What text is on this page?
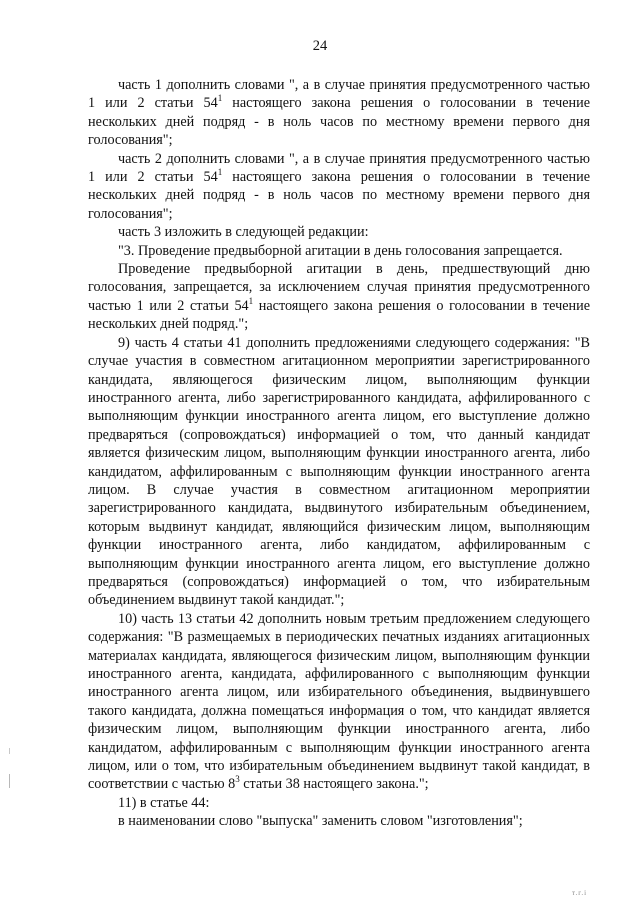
24

часть 1 дополнить словами ", а в случае принятия предусмотренного частью 1 или 2 статьи $54^1$ настоящего закона решения о голосовании в течение нескольких дней подряд - в ноль часов по местному времени первого дня голосования";

часть 2 дополнить словами ", а в случае принятия предусмотренного частью 1 или 2 статьи $54^1$ настоящего закона решения о голосовании в течение нескольких дней подряд - в ноль часов по местному времени первого дня голосования";

часть 3 изложить в следующей редакции:

"3. Проведение предвыборной агитации в день голосования запрещается.

Проведение предвыборной агитации в день, предшествующий дню голосования, запрещается, за исключением случая принятия предусмотренного частью 1 или 2 статьи $54^1$ настоящего закона решения о голосовании в течение нескольких дней подряд.";

9) часть 4 статьи 41 дополнить предложениями следующего содержания: "В случае участия в совместном агитационном мероприятии зарегистрированного кандидата, являющегося физическим лицом, выполняющим функции иностранного агента, либо зарегистрированного кандидата, аффилированного с выполняющим функции иностранного агента лицом, его выступление должно предваряться (сопровождаться) информацией о том, что данный кандидат является физическим лицом, выполняющим функции иностранного агента, либо кандидатом, аффилированным с выполняющим функции иностранного агента лицом. В случае участия в совместном агитационном мероприятии зарегистрированного кандидата, выдвинутого избирательным объединением, которым выдвинут кандидат, являющийся физическим лицом, выполняющим функции иностранного агента, либо кандидатом, аффилированным с выполняющим функции иностранного агента лицом, его выступление должно предваряться (сопровождаться) информацией о том, что избирательным объединением выдвинут такой кандидат.";

10) часть 13 статьи 42 дополнить новым третьим предложением следующего содержания: "В размещаемых в периодических печатных изданиях агитационных материалах кандидата, являющегося физическим лицом, выполняющим функции иностранного агента, кандидата, аффилированного с выполняющим функции иностранного агента лицом, или избирательного объединения, выдвинувшего такого кандидата, должна помещаться информация о том, что кандидат является физическим лицом, выполняющим функции иностранного агента, либо кандидатом, аффилированным с выполняющим функции иностранного агента лицом, или о том, что избирательным объединением выдвинут такой кандидат, в соответствии с частью $8^3$ статьи 38 настоящего закона.";

11) в статье 44:

в наименовании слово "выпуска" заменить словом "изготовления";

т.г.і
